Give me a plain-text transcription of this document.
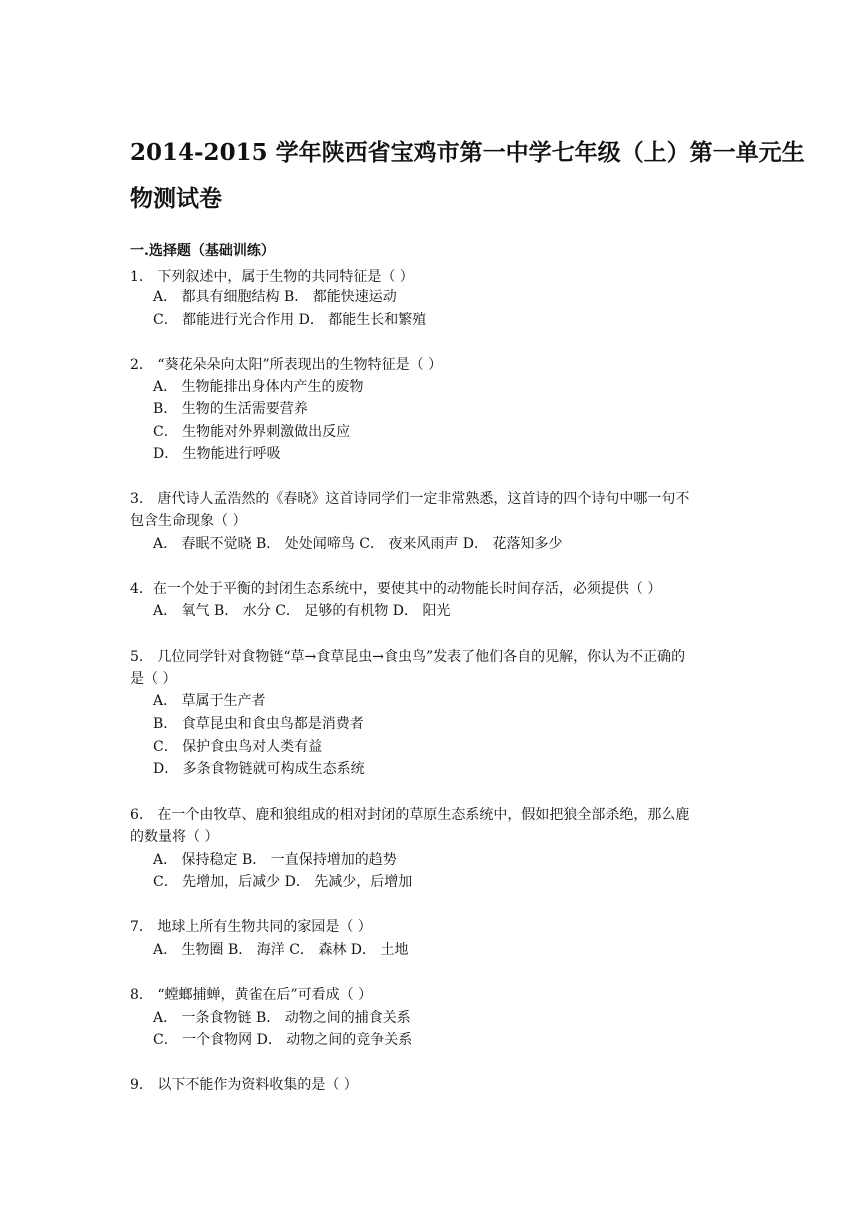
2014-2015 学年陕西省宝鸡市第一中学七年级（上）第一单元生
物测试卷
一.选择题（基础训练）
1． 下列叙述中，属于生物的共同特征是（ ）
A． 都具有细胞结构 B． 都能快速运动
C． 都能进行光合作用 D． 都能生长和繁殖
2． “葵花朵朵向太阳”所表现出的生物特征是（ ）
A． 生物能排出身体内产生的废物
B． 生物的生活需要营养
C． 生物能对外界刺激做出反应
D． 生物能进行呼吸
3． 唐代诗人孟浩然的《春晓》这首诗同学们一定非常熟悉，这首诗的四个诗句中哪一句不
包含生命现象（ ）
A． 春眠不觉晓 B． 处处闻啼鸟 C． 夜来风雨声 D． 花落知多少
4．在一个处于平衡的封闭生态系统中，要使其中的动物能长时间存活，必须提供（ ）
A． 氧气 B． 水分 C． 足够的有机物 D． 阳光
5． 几位同学针对食物链“草→食草昆虫→食虫鸟”发表了他们各自的见解，你认为不正确的
是（ ）
A． 草属于生产者
B． 食草昆虫和食虫鸟都是消费者
C． 保护食虫鸟对人类有益
D． 多条食物链就可构成生态系统
6． 在一个由牧草、鹿和狼组成的相对封闭的草原生态系统中，假如把狼全部杀绝，那么鹿
的数量将（ ）
A． 保持稳定 B． 一直保持增加的趋势
C． 先增加，后减少 D． 先减少，后增加
7． 地球上所有生物共同的家园是（ ）
A． 生物圈 B． 海洋 C． 森林 D． 土地
8． “螳螂捕蝉，黄雀在后”可看成（ ）
A． 一条食物链 B． 动物之间的捕食关系
C． 一个食物网 D． 动物之间的竞争关系
9． 以下不能作为资料收集的是（ ）
